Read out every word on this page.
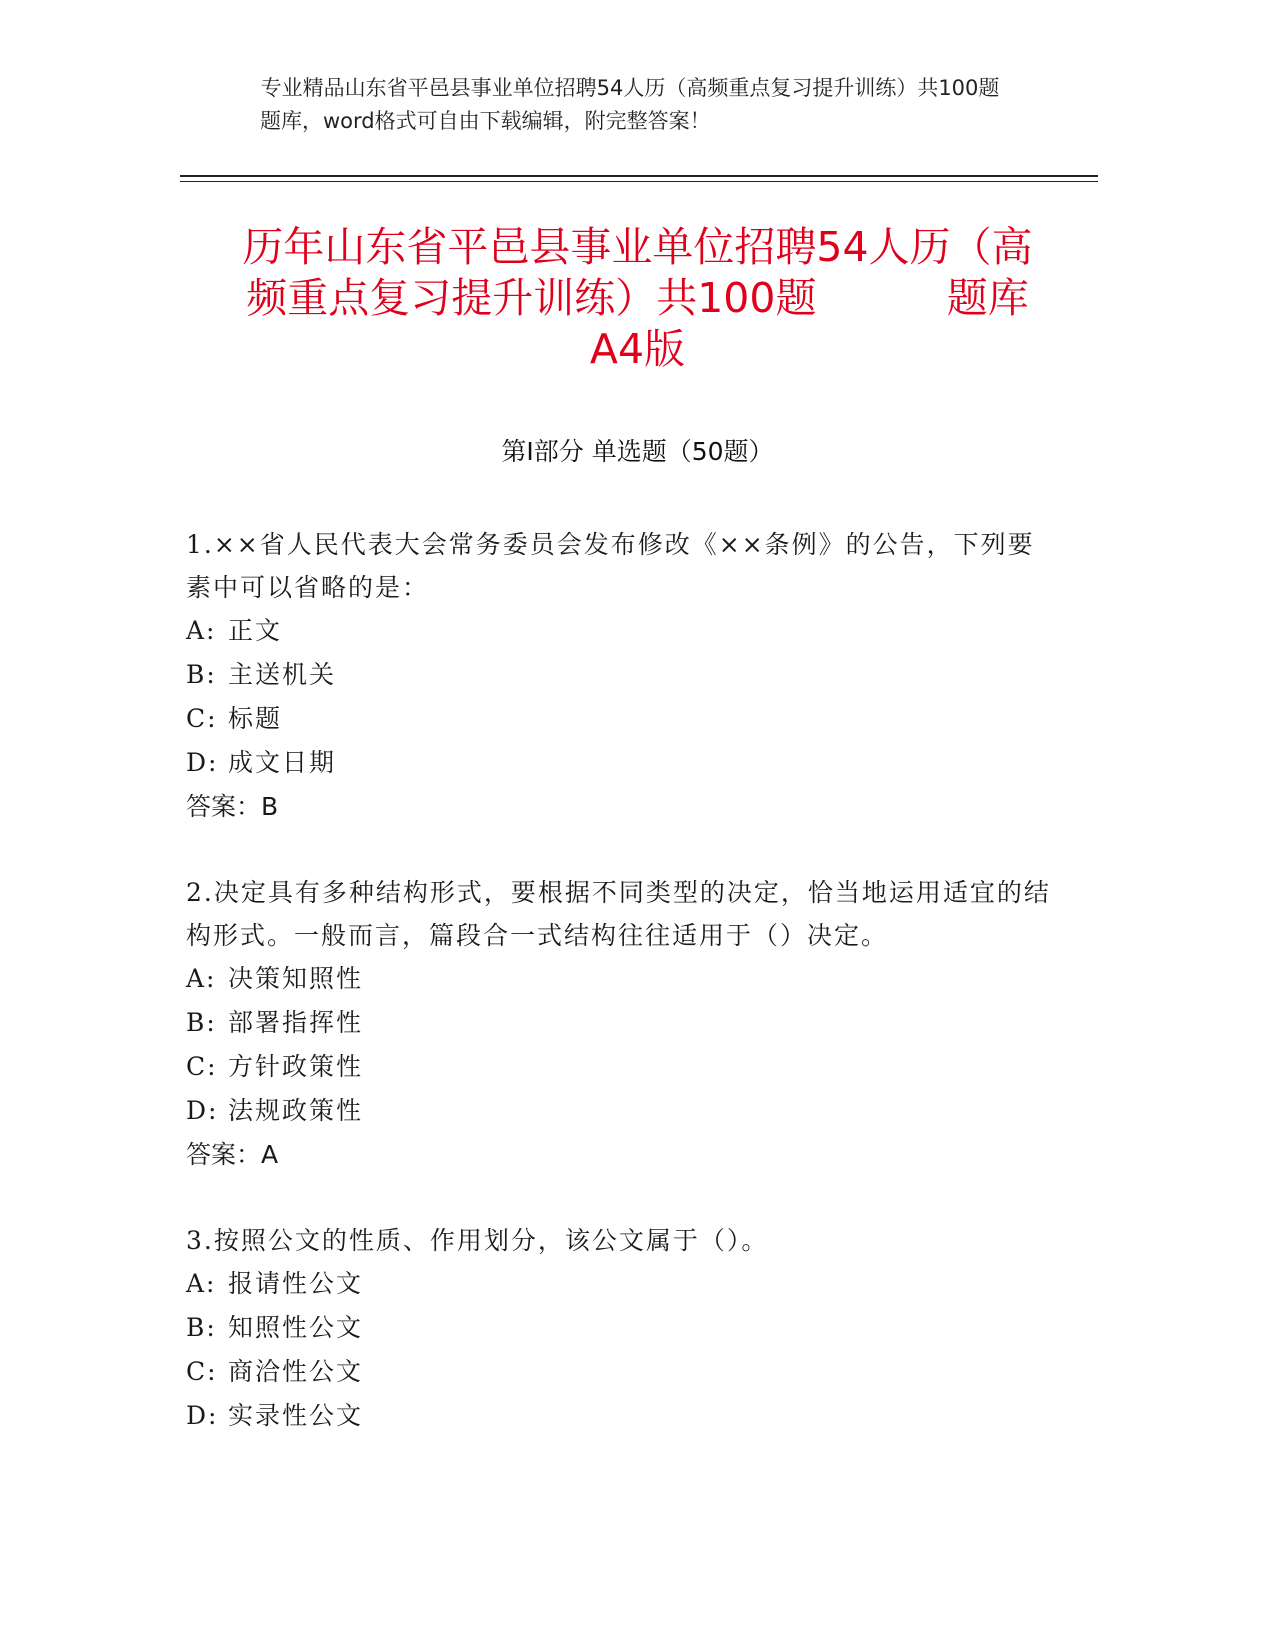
专业精品山东省平邑县事业单位招聘54人历（高频重点复习提升训练）共100题
题库，word格式可自由下载编辑，附完整答案！
历年山东省平邑县事业单位招聘54人历（高
频重点复习提升训练）共100题          题库
A4版
第I部分 单选题（50题）

1.××省人民代表大会常务委员会发布修改《××条例》的公告，下列要素中可以省略的是：

A: 正文

B: 主送机关

C: 标题

D: 成文日期

答案：B

2.决定具有多种结构形式，要根据不同类型的决定，恰当地运用适宜的结构形式。一般而言，篇段合一式结构往往适用于（）决定。

A: 决策知照性

B: 部署指挥性

C: 方针政策性

D: 法规政策性

答案：A

3.按照公文的性质、作用划分，该公文属于（）。

A: 报请性公文

B: 知照性公文

C: 商洽性公文

D: 实录性公文
